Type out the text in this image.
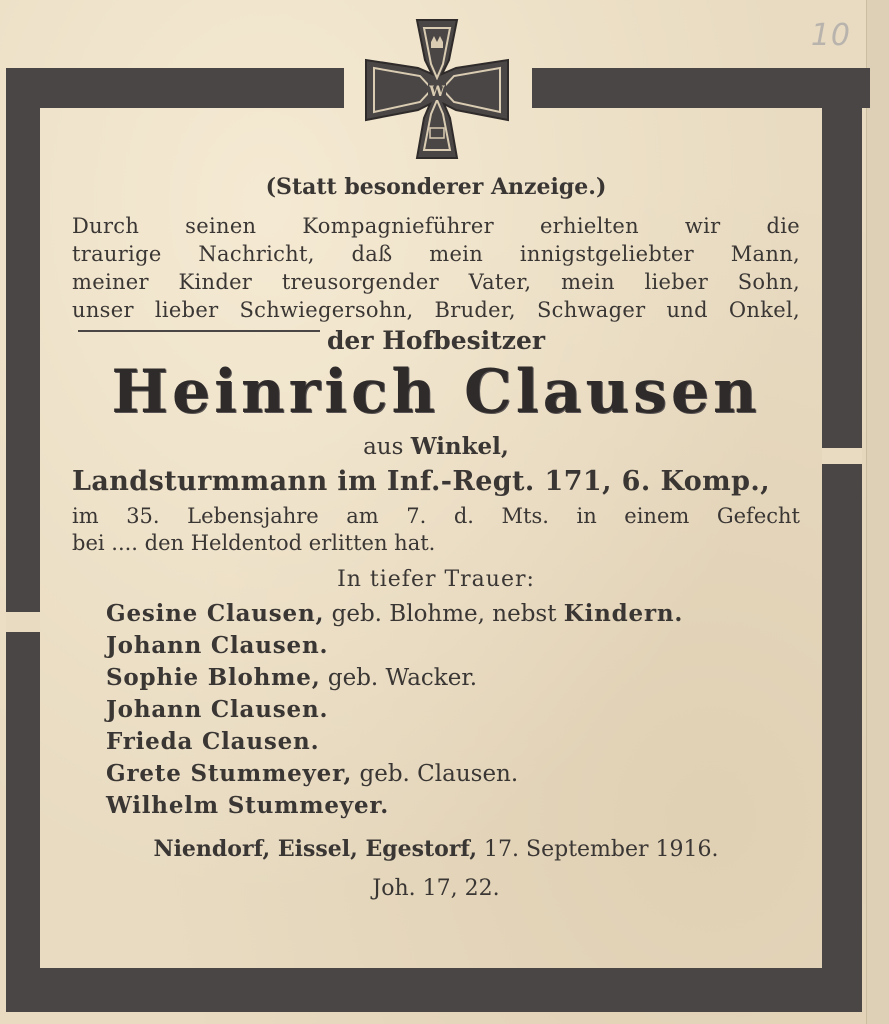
10
W
(Statt besonderer Anzeige.)
Durch seinen Kompagnieführer erhielten wir die
traurige Nachricht, daß mein innigstgeliebter Mann,
meiner Kinder treusorgender Vater, mein lieber Sohn,
unser lieber Schwiegersohn, Bruder, Schwager und Onkel,
der Hofbesitzer
Heinrich Clausen
aus Winkel,
Landsturmmann im Inf.-Regt. 171, 6. Komp.,
im 35. Lebensjahre am 7. d. Mts. in einem Gefecht
bei .... den Heldentod erlitten hat.
In tiefer Trauer:
Gesine Clausen, geb. Blohme, nebst Kindern.
Johann Clausen.
Sophie Blohme, geb. Wacker.
Johann Clausen.
Frieda Clausen.
Grete Stummeyer, geb. Clausen.
Wilhelm Stummeyer.
Niendorf, Eissel, Egestorf, 17. September 1916.
Joh. 17, 22.
